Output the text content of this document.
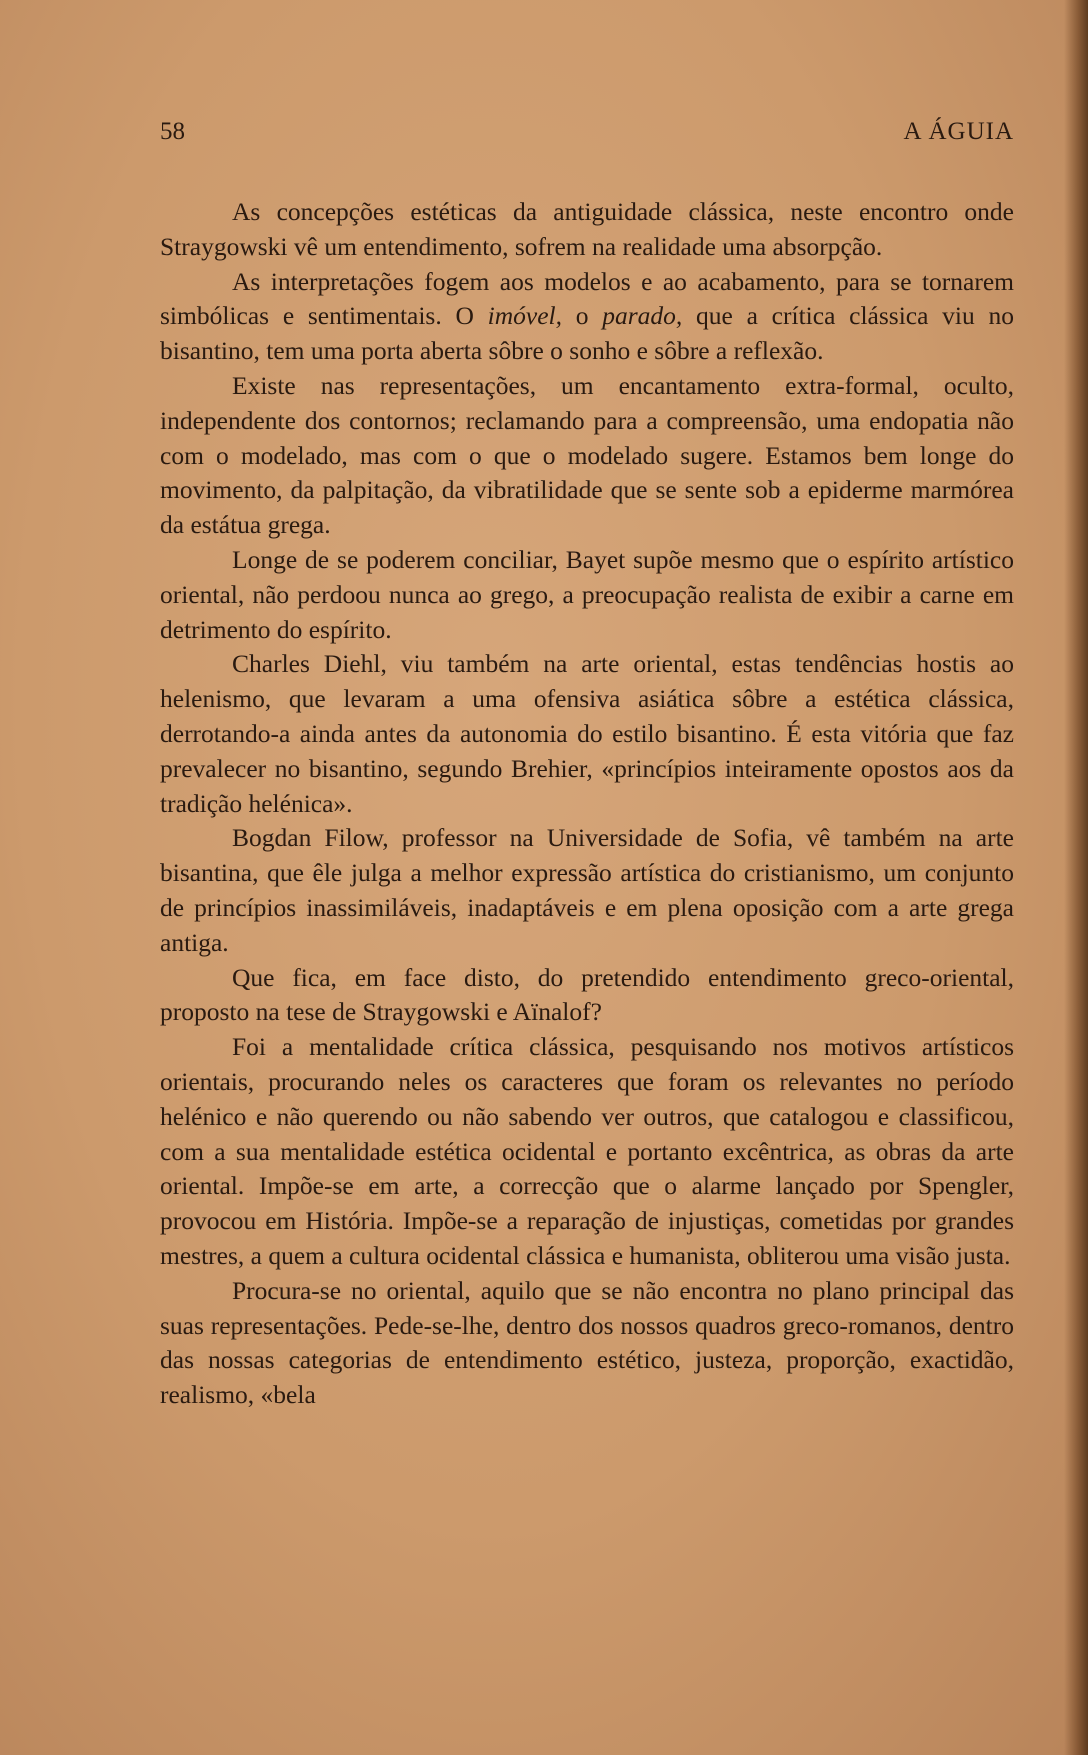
58	A ÁGUIA

As concepções estéticas da antiguidade clássica, neste encontro onde Straygowski vê um entendimento, sofrem na realidade uma absorpção.

As interpretações fogem aos modelos e ao acabamento, para se tornarem simbólicas e sentimentais. O imóvel, o parado, que a crítica clássica viu no bisantino, tem uma porta aberta sôbre o sonho e sôbre a reflexão.

Existe nas representações, um encantamento extra-formal, oculto, independente dos contornos; reclamando para a compreensão, uma endopatia não com o modelado, mas com o que o modelado sugere. Estamos bem longe do movimento, da palpitação, da vibratilidade que se sente sob a epiderme marmórea da estátua grega.

Longe de se poderem conciliar, Bayet supõe mesmo que o espírito artístico oriental, não perdoou nunca ao grego, a preocupação realista de exibir a carne em detrimento do espírito.

Charles Diehl, viu também na arte oriental, estas tendências hostis ao helenismo, que levaram a uma ofensiva asiática sôbre a estética clássica, derrotando-a ainda antes da autonomia do estilo bisantino. É esta vitória que faz prevalecer no bisantino, segundo Brehier, «princípios inteiramente opostos aos da tradição helénica».

Bogdan Filow, professor na Universidade de Sofia, vê também na arte bisantina, que êle julga a melhor expressão artística do cristianismo, um conjunto de princípios inassimiláveis, inadaptáveis e em plena oposição com a arte grega antiga.

Que fica, em face disto, do pretendido entendimento greco-oriental, proposto na tese de Straygowski e Aïnalof?

Foi a mentalidade crítica clássica, pesquisando nos motivos artísticos orientais, procurando neles os caracteres que foram os relevantes no período helénico e não querendo ou não sabendo ver outros, que catalogou e classificou, com a sua mentalidade estética ocidental e portanto excêntrica, as obras da arte oriental. Impõe-se em arte, a correcção que o alarme lançado por Spengler, provocou em História. Impõe-se a reparação de injustiças, cometidas por grandes mestres, a quem a cultura ocidental clássica e humanista, obliterou uma visão justa.

Procura-se no oriental, aquilo que se não encontra no plano principal das suas representações. Pede-se-lhe, dentro dos nossos quadros greco-romanos, dentro das nossas categorias de entendimento estético, justeza, proporção, exactidão, realismo, «bela
